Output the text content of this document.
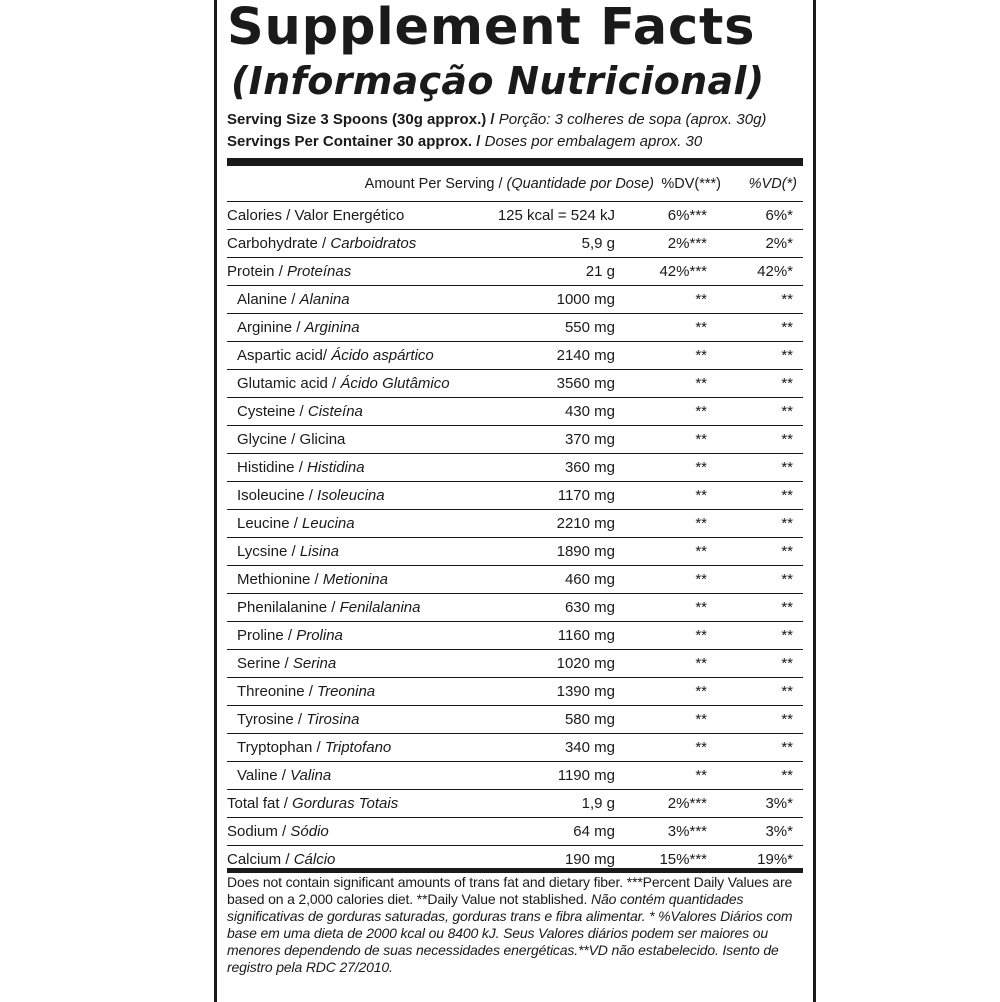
Supplement Facts
(Informação Nutricional)
Serving Size 3 Spoons (30g approx.) / Porção: 3 colheres de sopa (aprox. 30g)
Servings Per Container 30 approx. / Doses por embalagem aprox. 30
Amount Per Serving / (Quantidade por Dose) %DV(***) %VD(*)
Calories / Valor Energético	125 kcal = 524 kJ	6%***	6%*
Carbohydrate / Carboidratos	5,9 g	2%***	2%*
Protein / Proteínas	21 g	42%***	42%*
Alanine / Alanina	1000 mg	**	**
Arginine / Arginina	550 mg	**	**
Aspartic acid/ Ácido aspártico	2140 mg	**	**
Glutamic acid / Ácido Glutâmico	3560 mg	**	**
Cysteine / Cisteína	430 mg	**	**
Glycine / Glicina	370 mg	**	**
Histidine / Histidina	360 mg	**	**
Isoleucine / Isoleucina	1170 mg	**	**
Leucine / Leucina	2210 mg	**	**
Lycsine / Lisina	1890 mg	**	**
Methionine / Metionina	460 mg	**	**
Phenilalanine / Fenilalanina	630 mg	**	**
Proline / Prolina	1160 mg	**	**
Serine / Serina	1020 mg	**	**
Threonine / Treonina	1390 mg	**	**
Tyrosine / Tirosina	580 mg	**	**
Tryptophan / Triptofano	340 mg	**	**
Valine / Valina	1190 mg	**	**
Total fat / Gorduras Totais	1,9 g	2%***	3%*
Sodium / Sódio	64 mg	3%***	3%*
Calcium / Cálcio	190 mg	15%***	19%*
Does not contain significant amounts of trans fat and dietary fiber. ***Percent Daily Values are based on a 2,000 calories diet. **Daily Value not stablished. Não contém quantidades significativas de gorduras saturadas, gorduras trans e fibra alimentar. * %Valores Diários com base em uma dieta de 2000 kcal ou 8400 kJ. Seus Valores diários podem ser maiores ou menores dependendo de suas necessidades energéticas.**VD não estabelecido. Isento de registro pela RDC 27/2010.
